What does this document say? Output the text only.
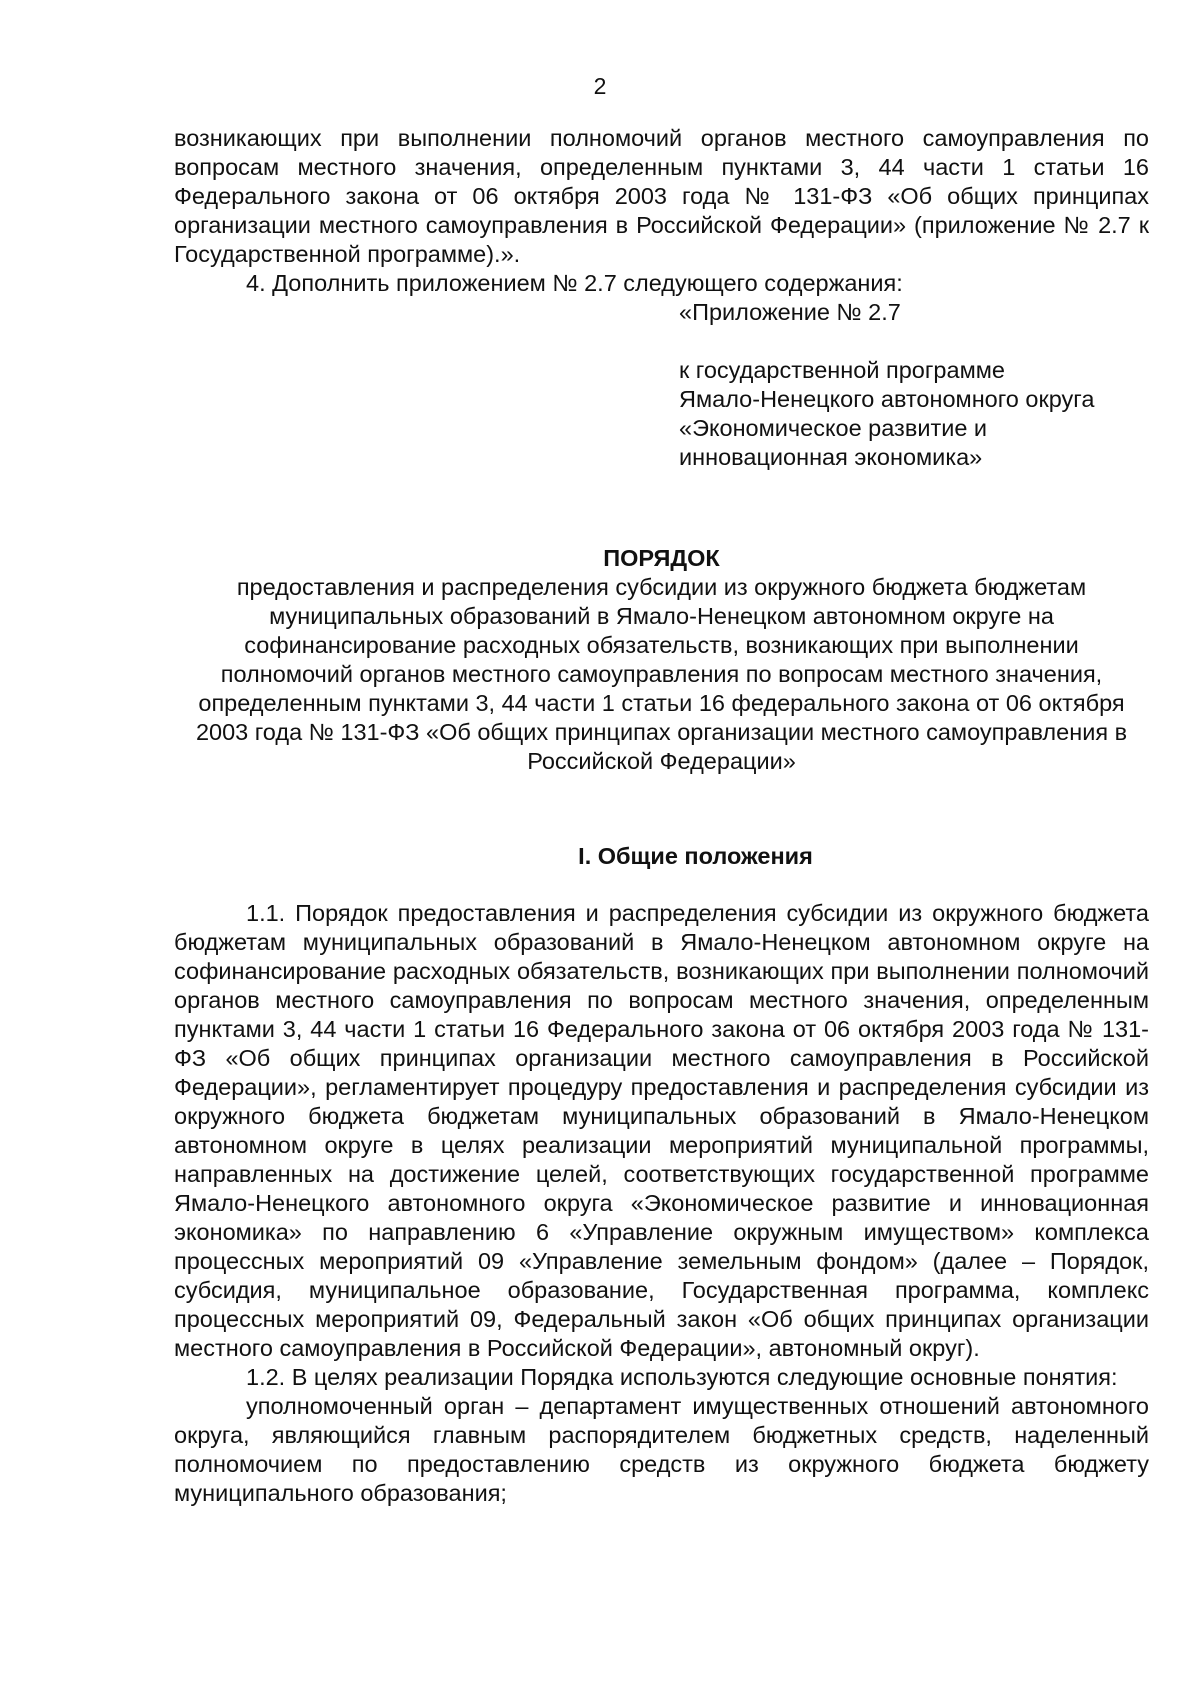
2

возникающих при выполнении полномочий органов местного самоуправления по вопросам местного значения, определенным пунктами 3, 44 части 1 статьи 16 Федерального закона от 06 октября 2003 года № 131-ФЗ «Об общих принципах организации местного самоуправления в Российской Федерации» (приложение № 2.7 к Государственной программе).».

4. Дополнить приложением № 2.7 следующего содержания:

«Приложение № 2.7

к государственной программе

Ямало-Ненецкого автономного округа

«Экономическое развитие и

инновационная экономика»

ПОРЯДОК

предоставления и распределения субсидии из окружного бюджета бюджетам муниципальных образований в Ямало-Ненецком автономном округе на софинансирование расходных обязательств, возникающих при выполнении полномочий органов местного самоуправления по вопросам местного значения, определенным пунктами 3, 44 части 1 статьи 16 федерального закона от 06 октября 2003 года № 131-ФЗ «Об общих принципах организации местного самоуправления в Российской Федерации»

I. Общие положения

1.1. Порядок предоставления и распределения субсидии из окружного бюджета бюджетам муниципальных образований в Ямало-Ненецком автономном округе на софинансирование расходных обязательств, возникающих при выполнении полномочий органов местного самоуправления по вопросам местного значения, определенным пунктами 3, 44 части 1 статьи 16 Федерального закона от 06 октября 2003 года № 131-ФЗ «Об общих принципах организации местного самоуправления в Российской Федерации», регламентирует процедуру предоставления и распределения субсидии из окружного бюджета бюджетам муниципальных образований в Ямало-Ненецком автономном округе в целях реализации мероприятий муниципальной программы, направленных на достижение целей, соответствующих государственной программе Ямало-Ненецкого автономного округа «Экономическое развитие и инновационная экономика» по направлению 6 «Управление окружным имуществом» комплекса процессных мероприятий 09 «Управление земельным фондом» (далее – Порядок, субсидия, муниципальное образование, Государственная программа, комплекс процессных мероприятий 09, Федеральный закон «Об общих принципах организации местного самоуправления в Российской Федерации», автономный округ).

1.2. В целях реализации Порядка используются следующие основные понятия:

уполномоченный орган – департамент имущественных отношений автономного округа, являющийся главным распорядителем бюджетных средств, наделенный полномочием по предоставлению средств из окружного бюджета бюджету муниципального образования;
